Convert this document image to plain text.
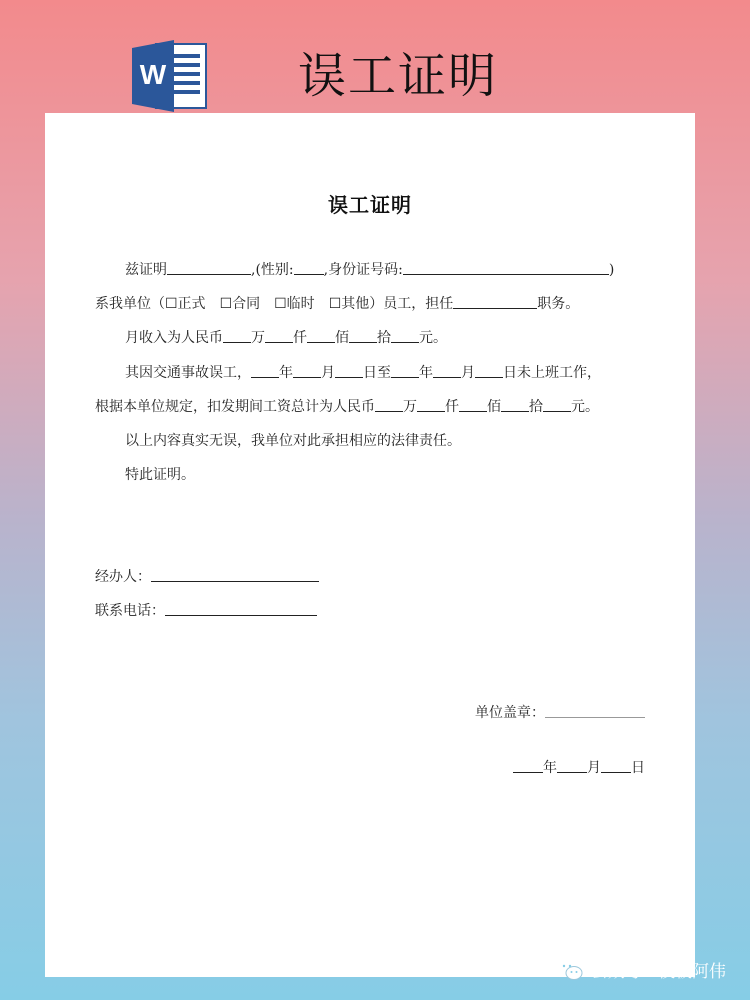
W	误工证明
误工证明
兹证明	,(性别: ,身份证号码:	)
系我单位（☐正式 ☐合同 ☐临时 ☐其他）员工，担任	职务。
月收入为人民币 万 仟 佰 拾 元。
其因交通事故误工， 年 月 日至 年 月 日未上班工作，
根据本单位规定，扣发期间工资总计为人民币 万 仟 佰 拾 元。
以上内容真实无误，我单位对此承担相应的法律责任。
特此证明。
经办人：
联系电话：
单位盖章：
年 月 日
公众号 · 模板阿伟
